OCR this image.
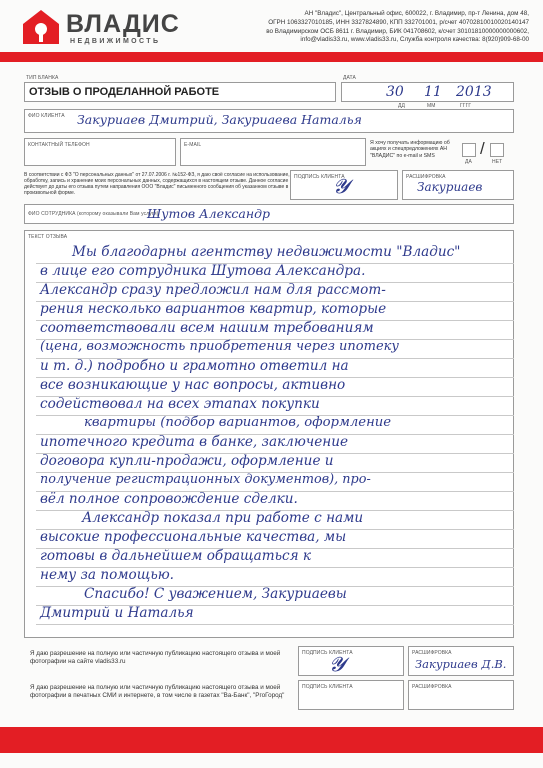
ВЛАДИС
НЕДВИЖИМОСТЬ
АН "Владис", Центральный офис, 600022, г. Владимир, пр-т Ленина, дом 48,
ОГРН 1063327010185, ИНН 3327824890, КПП 332701001, р/счет 40702810010020140147
во Владимирском ОСБ 8611 г. Владимир, БИК 041708602, к/счет 30101810000000000602,
info@vladis33.ru, www.vladis33.ru, Служба контроля качества: 8(920)909-68-00
ТИП БЛАНКА
ОТЗЫВ О ПРОДЕЛАННОЙ РАБОТЕ
ДАТА
30 11 2013
ДД	ММ	ГГГГ
ФИО КЛИЕНТА Закуриаев Дмитрий, Закуриаева Наталья
КОНТАКТНЫЙ ТЕЛЕФОН	E-MAIL	Я хочу получать информацию об акциях и спецпредложениях АН "ВЛАДИС" по e-mail и SMS	/
ДА	НЕТ
В соответствии с ФЗ "О персональных данных" от 27.07.2006 г. №152-ФЗ, я даю своё согласие на использование, обработку, запись и хранение моих персональных данных, содержащихся в настоящем отзыве. Данное согласие действует до даты его отзыва путем направления ООО "Владис" письменного сообщения об указанном отзыве в произвольной форме.
ПОДПИСЬ КЛИЕНТА
𝓨	РАСШИФРОВКА
Закуриаев
ФИО СОТРУДНИКА (которому оказывали Вам услуги)
Шутов Александр
ТЕКСТ ОТЗЫВА
Мы благодарны агентству недвижимости "Владис"
в лице его сотрудника Шутова Александра.
Александр сразу предложил нам для рассмот-
рения несколько вариантов квартир, которые
соответствовали всем нашим требованиям
(цена, возможность приобретения через ипотеку
и т. д.) подробно и грамотно ответил на
все возникающие у нас вопросы, активно
содействовал на всех этапах покупки
квартиры (подбор вариантов, оформление
ипотечного кредита в банке, заключение
договора купли-продажи, оформление и
получение регистрационных документов), про-
вёл полное сопровождение сделки.
Александр показал при работе с нами
высокие профессиональные качества, мы
готовы в дальнейшем обращаться к
нему за помощью.
Спасибо! С уважением, Закуриаевы
Дмитрий и Наталья
Я даю разрешение на полную или частичную публикацию настоящего отзыва и моей фотографии на сайте vladis33.ru
ПОДПИСЬ КЛИЕНТА
𝓨	РАСШИФРОВКА
Закуриаев Д.В.
Я даю разрешение на полную или частичную публикацию настоящего отзыва и моей фотографии в печатных СМИ и интернете, в том числе в газетах "Ва-Банк", "РгоГород"
ПОДПИСЬ КЛИЕНТА	РАСШИФРОВКА
